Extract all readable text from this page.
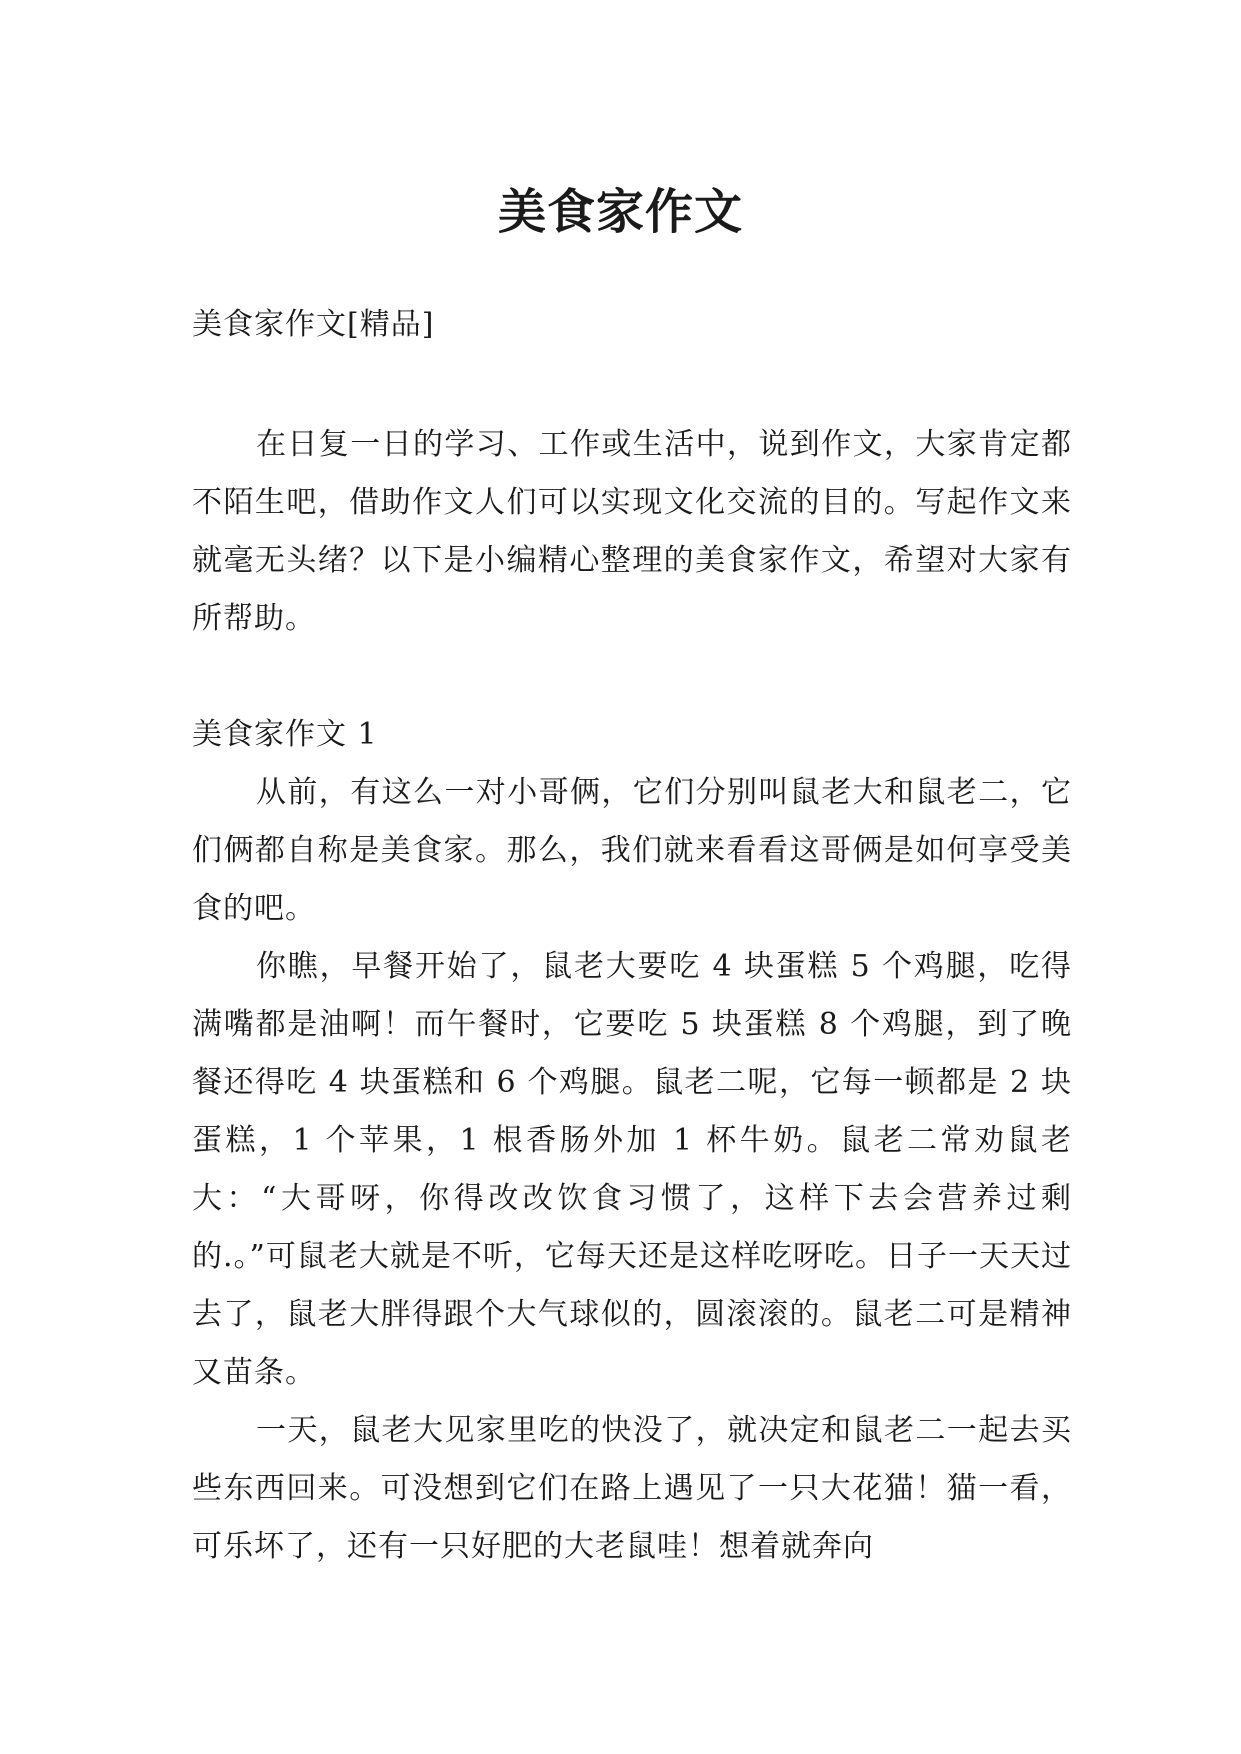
美食家作文

美食家作文[精品]

在日复一日的学习、工作或生活中，说到作文，大家肯定都不陌生吧，借助作文人们可以实现文化交流的目的。写起作文来就毫无头绪？以下是小编精心整理的美食家作文，希望对大家有所帮助。

美食家作文 1

从前，有这么一对小哥俩，它们分别叫鼠老大和鼠老二，它们俩都自称是美食家。那么，我们就来看看这哥俩是如何享受美食的吧。

你瞧，早餐开始了，鼠老大要吃 4 块蛋糕 5 个鸡腿，吃得满嘴都是油啊！而午餐时，它要吃 5 块蛋糕 8 个鸡腿，到了晚餐还得吃 4 块蛋糕和 6 个鸡腿。鼠老二呢，它每一顿都是 2 块蛋糕，1 个苹果，1 根香肠外加 1 杯牛奶。鼠老二常劝鼠老大：“大哥呀，你得改改饮食习惯了，这样下去会营养过剩的.。”可鼠老大就是不听，它每天还是这样吃呀吃。日子一天天过去了，鼠老大胖得跟个大气球似的，圆滚滚的。鼠老二可是精神又苗条。

一天，鼠老大见家里吃的快没了，就决定和鼠老二一起去买些东西回来。可没想到它们在路上遇见了一只大花猫！猫一看，可乐坏了，还有一只好肥的大老鼠哇！想着就奔向
